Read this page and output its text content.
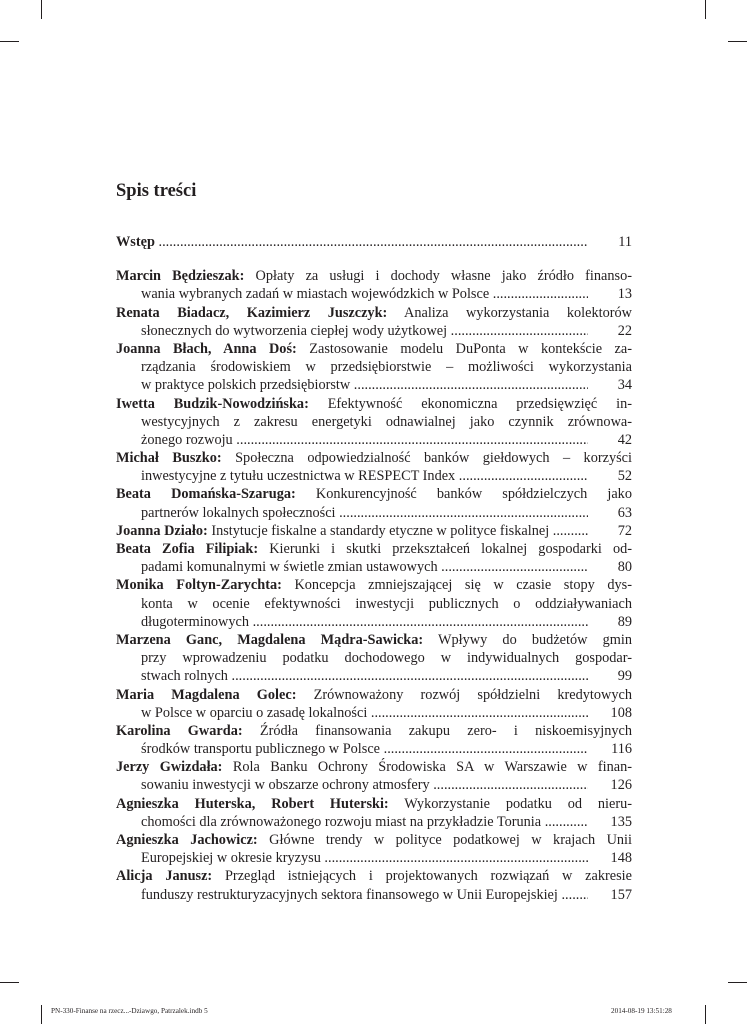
Spis treści
Wstęp .....	11
Marcin Będzieszak: Opłaty za usługi i dochody własne jako źródło finanso-
wania wybranych zadań w miastach wojewódzkich w Polsce .....	13
Renata Biadacz, Kazimierz Juszczyk: Analiza wykorzystania kolektorów
słonecznych do wytworzenia ciepłej wody użytkowej .....	22
Joanna Błach, Anna Doś: Zastosowanie modelu DuPonta w kontekście za-
rządzania środowiskiem w przedsiębiorstwie – możliwości wykorzystania
w praktyce polskich przedsiębiorstw .....	34
Iwetta Budzik-Nowodzińska: Efektywność ekonomiczna przedsięwzięć in-
westycyjnych z zakresu energetyki odnawialnej jako czynnik zrównowa-
żonego rozwoju .....	42
Michał Buszko: Społeczna odpowiedzialność banków giełdowych – korzyści
inwestycyjne z tytułu uczestnictwa w RESPECT Index .....	52
Beata Domańska-Szaruga: Konkurencyjność banków spółdzielczych jako
partnerów lokalnych społeczności .....	63
Joanna Działo: Instytucje fiskalne a standardy etyczne w polityce fiskalnej .....	72
Beata Zofia Filipiak: Kierunki i skutki przekształceń lokalnej gospodarki od-
padami komunalnymi w świetle zmian ustawowych .....	80
Monika Foltyn-Zarychta: Koncepcja zmniejszającej się w czasie stopy dys-
konta w ocenie efektywności inwestycji publicznych o oddziaływaniach
długoterminowych .....	89
Marzena Ganc, Magdalena Mądra-Sawicka: Wpływy do budżetów gmin
przy wprowadzeniu podatku dochodowego w indywidualnych gospodar-
stwach rolnych .....	99
Maria Magdalena Golec: Zrównoważony rozwój spółdzielni kredytowych
w Polsce w oparciu o zasadę lokalności .....	108
Karolina Gwarda: Źródła finansowania zakupu zero- i niskoemisyjnych
środków transportu publicznego w Polsce .....	116
Jerzy Gwizdała: Rola Banku Ochrony Środowiska SA w Warszawie w finan-
sowaniu inwestycji w obszarze ochrony atmosfery .....	126
Agnieszka Huterska, Robert Huterski: Wykorzystanie podatku od nieru-
chomości dla zrównoważonego rozwoju miast na przykładzie Torunia .....	135
Agnieszka Jachowicz: Główne trendy w polityce podatkowej w krajach Unii
Europejskiej w okresie kryzysu .....	148
Alicja Janusz: Przegląd istniejących i projektowanych rozwiązań w zakresie
funduszy restrukturyzacyjnych sektora finansowego w Unii Europejskiej .....	157
PN-330-Finanse na rzecz...-Dziawgo, Patrzalek.indb 5	2014-08-19 13:51:28
